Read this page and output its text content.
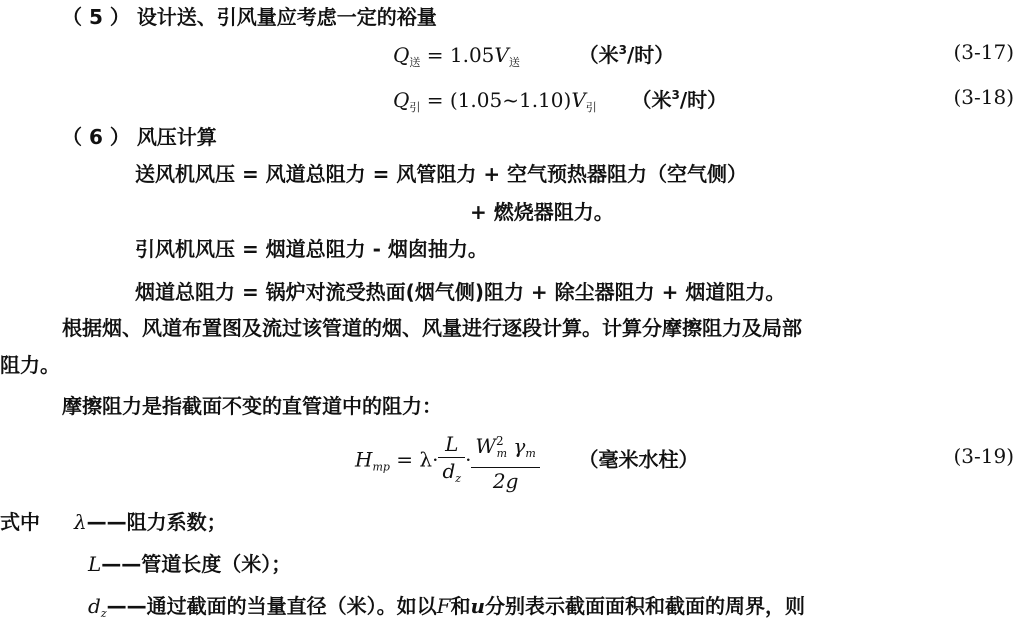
（ 5 ） 设计送、引风量应考虑一定的裕量
$Q_送 = 1.05V_送$	（米$^3$/时）	(3-17)
$Q_引$ = $(1.05\sim 1.10)V_引$ （米$^3$/时）	(3-18)
（ 6 ） 风压计算
送风机风压 = 风道总阻力 = 风管阻力 + 空气预热器阻力（空气侧）
+ 燃烧器阻力。
引风机风压 = 烟道总阻力 - 烟囱抽力。
烟道总阻力 = 锅炉对流受热面(烟气侧)阻力 + 除尘器阻力 + 烟道阻力。
根据烟、风道布置图及流过该管道的烟、风量进行逐段计算。计算分摩擦阻力及局部
阻力。
摩擦阻力是指截面不变的直管道中的阻力：
$H_{mp} = \lambda\cdot \frac{L}{d_z} \cdot \frac{W^2_m \gamma_m}{2g}$ （毫米水柱）	(3-19)
式中 λ——阻力系数；
L——管道长度（米）；
$d_z——$通过截面的当量直径（米）。如以F和u分别表示截面面积和截面的周界，则
